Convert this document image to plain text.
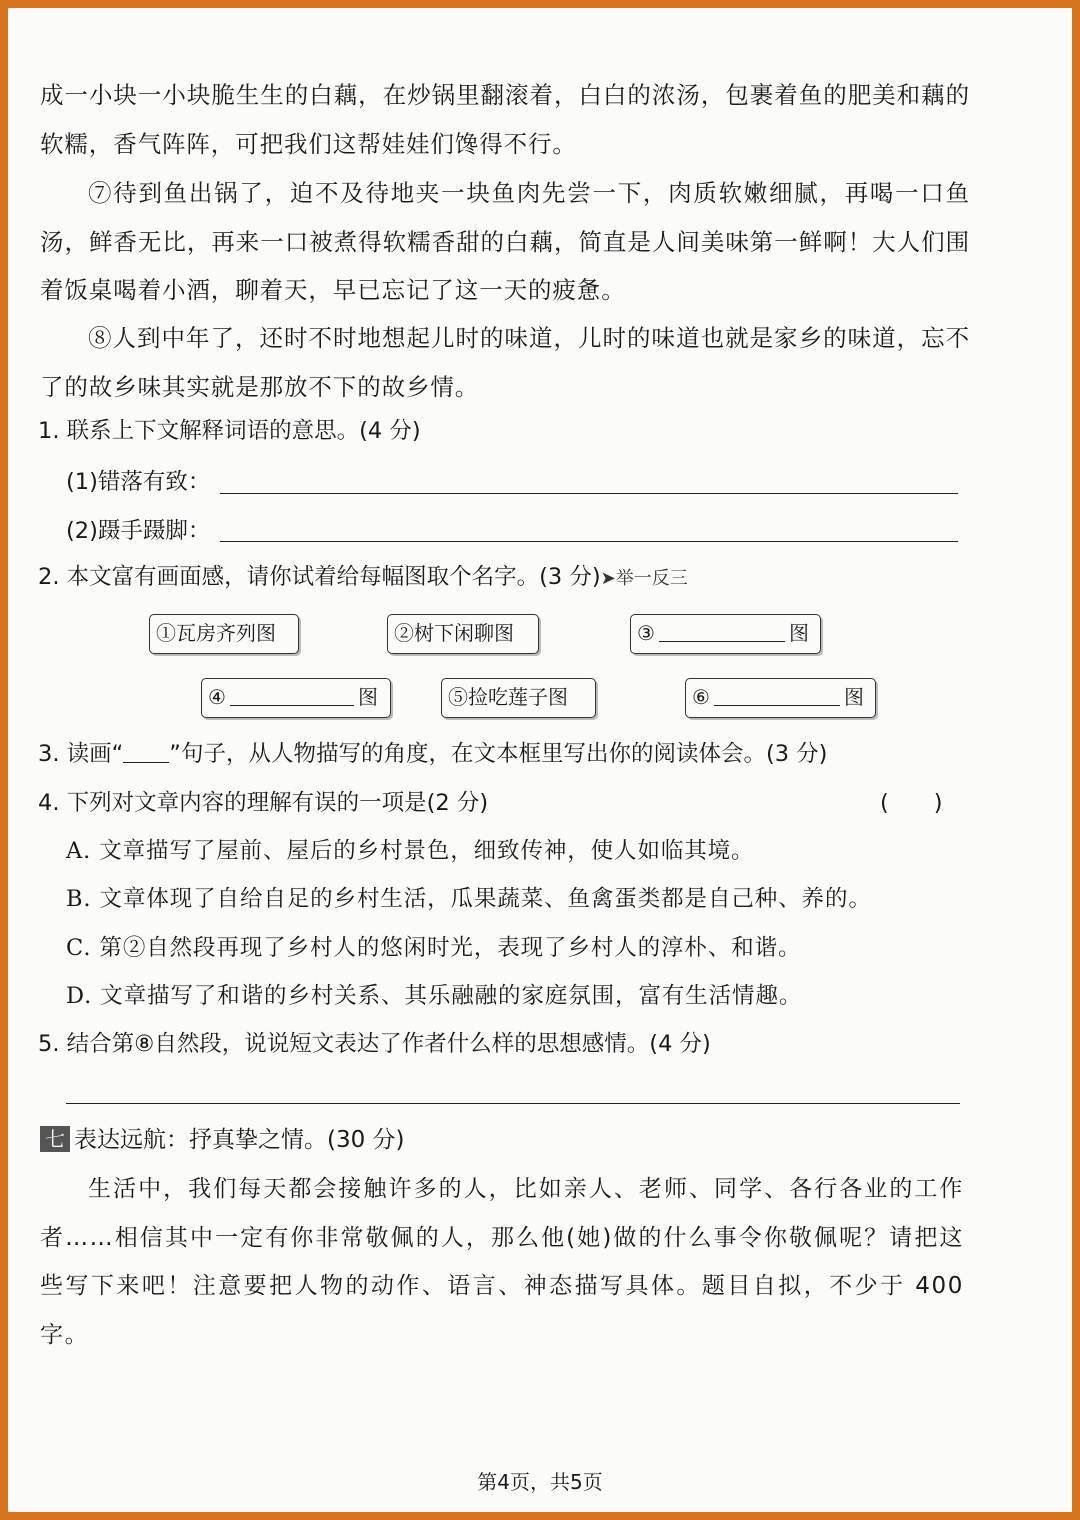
成一小块一小块脆生生的白藕，在炒锅里翻滚着，白白的浓汤，包裹着鱼的肥美和藕的软糯，香气阵阵，可把我们这帮娃娃们馋得不行。

⑦待到鱼出锅了，迫不及待地夹一块鱼肉先尝一下，肉质软嫩细腻，再喝一口鱼汤，鲜香无比，再来一口被煮得软糯香甜的白藕，简直是人间美味第一鲜啊！大人们围着饭桌喝着小酒，聊着天，早已忘记了这一天的疲惫。

⑧人到中年了，还时不时地想起儿时的味道，儿时的味道也就是家乡的味道，忘不了的故乡味其实就是那放不下的故乡情。

1. 联系上下文解释词语的意思。(4 分)
(1)错落有致：
(2)蹑手蹑脚：
2. 本文富有画面感，请你试着给每幅图取个名字。(3 分)➤举一反三
①瓦房齐列图	②树下闲聊图	③	图
④	图	⑤捡吃莲子图	⑥	图
3. 读画“ ”句子，从人物描写的角度，在文本框里写出你的阅读体会。(3 分)
4. 下列对文章内容的理解有误的一项是(2 分)	(　　)
A. 文章描写了屋前、屋后的乡村景色，细致传神，使人如临其境。
B. 文章体现了自给自足的乡村生活，瓜果蔬菜、鱼禽蛋类都是自己种、养的。
C. 第②自然段再现了乡村人的悠闲时光，表现了乡村人的淳朴、和谐。
D. 文章描写了和谐的乡村关系、其乐融融的家庭氛围，富有生活情趣。
5. 结合第⑧自然段，说说短文表达了作者什么样的思想感情。(4 分)
七 表达远航：抒真挚之情。(30 分)

生活中，我们每天都会接触许多的人，比如亲人、老师、同学、各行各业的工作者……相信其中一定有你非常敬佩的人，那么他(她)做的什么事令你敬佩呢？请把这些写下来吧！注意要把人物的动作、语言、神态描写具体。题目自拟，不少于 400 字。

第4页，共5页
